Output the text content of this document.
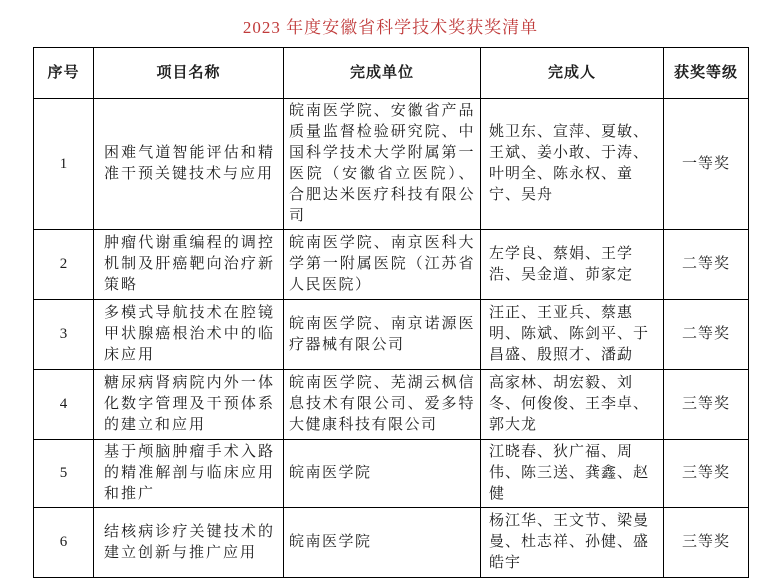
2023 年度安徽省科学技术奖获奖清单
序号	项目名称	完成单位	完成人	获奖等级
1	困难气道智能评估和精准干预关键技术与应用	皖南医学院、安徽省产品质量监督检验研究院、中国科学技术大学附属第一医院（安徽省立医院）、合肥达米医疗科技有限公司	姚卫东、宣萍、夏敏、王斌、姜小敢、于涛、叶明全、陈永权、童宁、吴舟	一等奖
2	肿瘤代谢重编程的调控机制及肝癌靶向治疗新策略	皖南医学院、南京医科大学第一附属医院（江苏省人民医院）	左学良、蔡娟、王学浩、吴金道、茆家定	二等奖
3	多模式导航技术在腔镜甲状腺癌根治术中的临床应用	皖南医学院、南京诺源医疗器械有限公司	汪正、王亚兵、蔡惠明、陈斌、陈剑平、于昌盛、殷照才、潘勐	二等奖
4	糖尿病肾病院内外一体化数字管理及干预体系的建立和应用	皖南医学院、芜湖云枫信息技术有限公司、爱多特大健康科技有限公司	高家林、胡宏毅、刘冬、何俊俊、王李卓、郭大龙	三等奖
5	基于颅脑肿瘤手术入路的精准解剖与临床应用和推广	皖南医学院	江晓春、狄广福、周伟、陈三送、龚鑫、赵健	三等奖
6	结核病诊疗关键技术的建立创新与推广应用	皖南医学院	杨江华、王文节、梁曼曼、杜志祥、孙健、盛皓宇	三等奖
